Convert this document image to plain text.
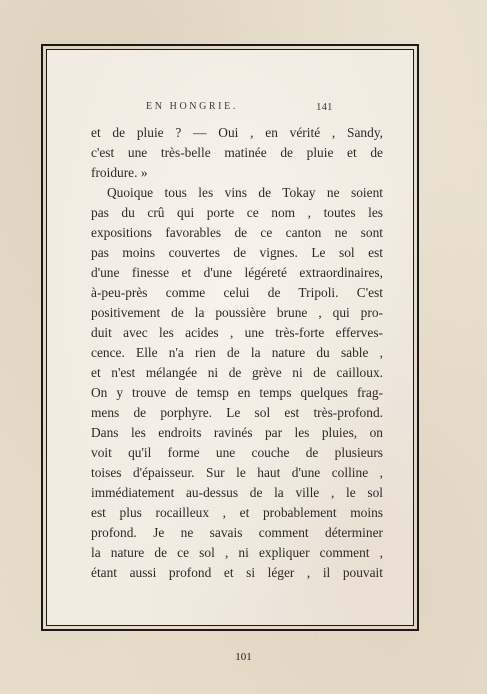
EN HONGRIE.	141
et de pluie ? — Oui , en vérité , Sandy,
c'est une très-belle matinée de pluie et de
froidure. »
Quoique tous les vins de Tokay ne soient
pas du crû qui porte ce nom , toutes les
expositions favorables de ce canton ne sont
pas moins couvertes de vignes. Le sol est
d'une finesse et d'une légéreté extraordinaires,
à-peu-près comme celui de Tripoli. C'est
positivement de la poussière brune , qui pro-
duit avec les acides , une très-forte efferves-
cence. Elle n'a rien de la nature du sable ,
et n'est mélangée ni de grève ni de cailloux.
On y trouve de temsp en temps quelques frag-
mens de porphyre. Le sol est très-profond.
Dans les endroits ravinés par les pluies, on
voit qu'il forme une couche de plusieurs
toises d'épaisseur. Sur le haut d'une colline ,
immédiatement au-dessus de la ville , le sol
est plus rocailleux , et probablement moins
profond. Je ne savais comment déterminer
la nature de ce sol , ni expliquer comment ,
étant aussi profond et si léger , il pouvait
101
